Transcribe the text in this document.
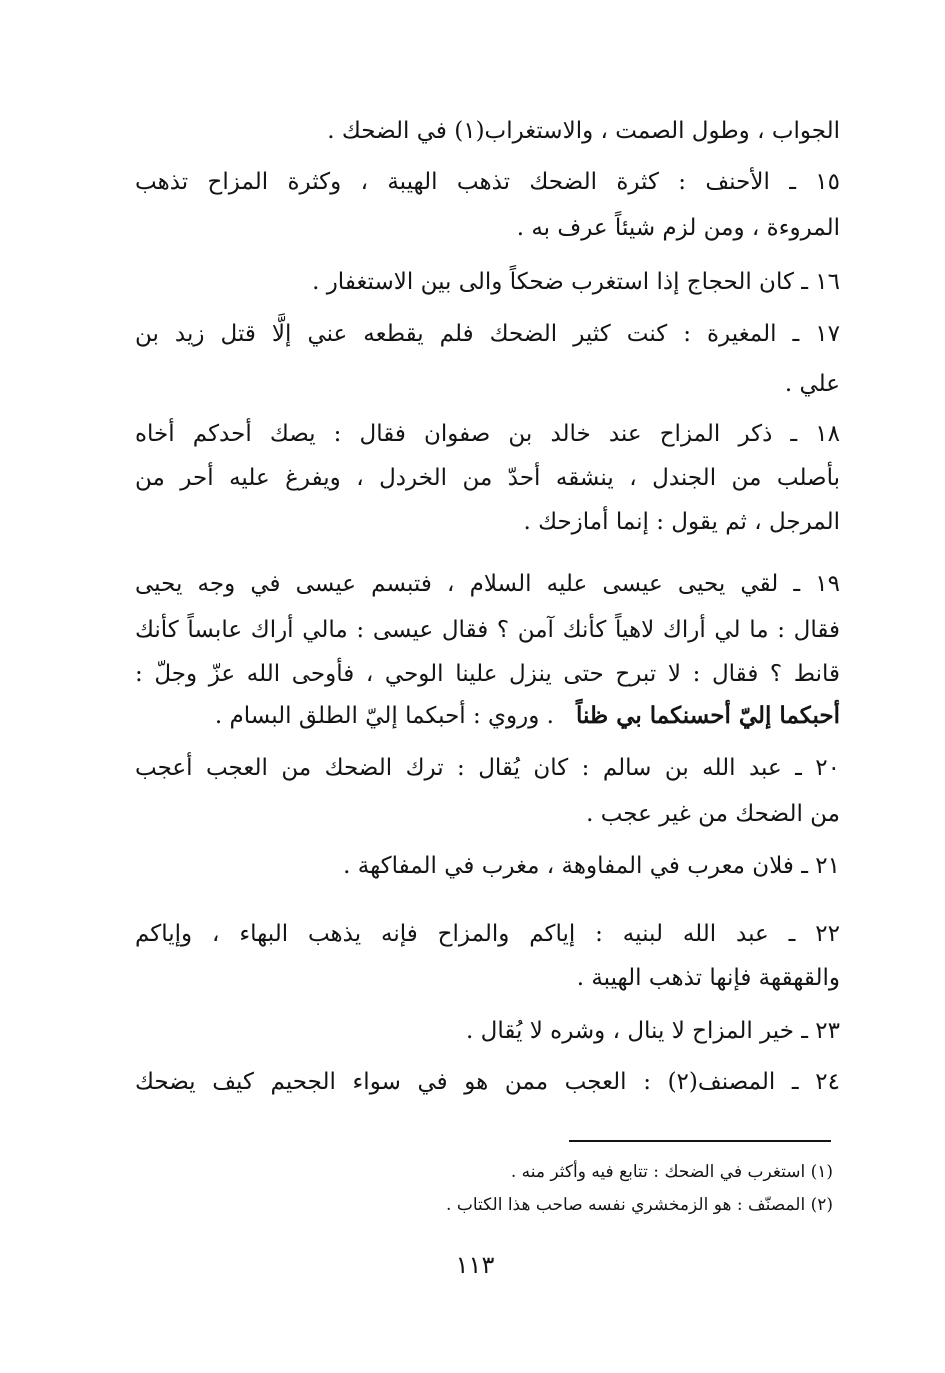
الجواب ، وطول الصمت ، والاستغراب(١) في الضحك .
١٥ ـ الأحنف : كثرة الضحك تذهب الهيبة ، وكثرة المزاح تذهب
المروءة ، ومن لزم شيئاً عرف به .
١٦ ـ كان الحجاج إذا استغرب ضحكاً والى بين الاستغفار .
١٧ ـ المغيرة : كنت كثير الضحك فلم يقطعه عني إلَّا قتل زيد بن
علي .
١٨ ـ ذكر المزاح عند خالد بن صفوان فقال : يصك أحدكم أخاه
بأصلب من الجندل ، ينشقه أحدّ من الخردل ، ويفرغ عليه أحر من
المرجل ، ثم يقول : إنما أمازحك .
١٩ ـ لقي يحيى عيسى عليه السلام ، فتبسم عيسى في وجه يحيى
فقال : ما لي أراك لاهياً كأنك آمن ؟ فقال عيسى : مالي أراك عابساً كأنك
قانط ؟ فقال : لا تبرح حتى ينزل علينا الوحي ، فأوحى الله عزّ وجلّ :
أحبكما إليّ أحسنكما بي ظناً   . وروي : أحبكما إليّ الطلق البسام .
٢٠ ـ عبد الله بن سالم : كان يُقال : ترك الضحك من العجب أعجب
من الضحك من غير عجب .
٢١ ـ فلان معرب في المفاوهة ، مغرب في المفاكهة .
٢٢ ـ عبد الله لبنيه : إياكم والمزاح فإنه يذهب البهاء ، وإياكم
والقهقهة فإنها تذهب الهيبة .
٢٣ ـ خير المزاح لا ينال ، وشره لا يُقال .
٢٤ ـ المصنف(٢) : العجب ممن هو في سواء الجحيم كيف يضحك
(١) استغرب في الضحك : تتابع فيه وأكثر منه .
(٢) المصنّف : هو الزمخشري نفسه صاحب هذا الكتاب .
١١٣
